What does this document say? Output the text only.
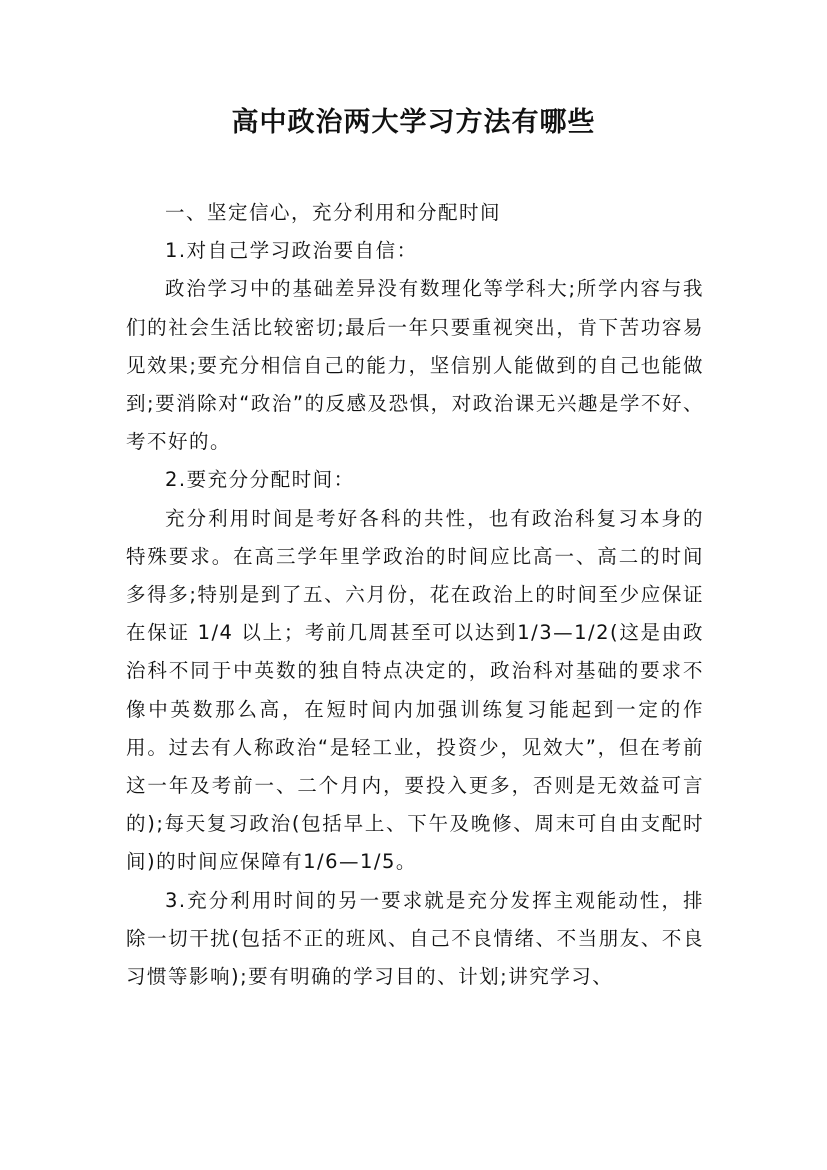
高中政治两大学习方法有哪些

一、坚定信心，充分利用和分配时间

1.对自己学习政治要自信：

政治学习中的基础差异没有数理化等学科大;所学内容与我们的社会生活比较密切;最后一年只要重视突出，肯下苦功容易见效果;要充分相信自己的能力，坚信别人能做到的自己也能做到;要消除对“政治”的反感及恐惧，对政治课无兴趣是学不好、考不好的。

2.要充分分配时间：

充分利用时间是考好各科的共性，也有政治科复习本身的特殊要求。在高三学年里学政治的时间应比高一、高二的时间多得多;特别是到了五、六月份，花在政治上的时间至少应保证在保证 1/4 以上；考前几周甚至可以达到1/3—1/2(这是由政治科不同于中英数的独自特点决定的，政治科对基础的要求不像中英数那么高，在短时间内加强训练复习能起到一定的作用。过去有人称政治“是轻工业，投资少，见效大”，但在考前这一年及考前一、二个月内，要投入更多，否则是无效益可言的);每天复习政治(包括早上、下午及晚修、周末可自由支配时间)的时间应保障有1/6—1/5。

3.充分利用时间的另一要求就是充分发挥主观能动性，排除一切干扰(包括不正的班风、自己不良情绪、不当朋友、不良习惯等影响);要有明确的学习目的、计划;讲究学习、
